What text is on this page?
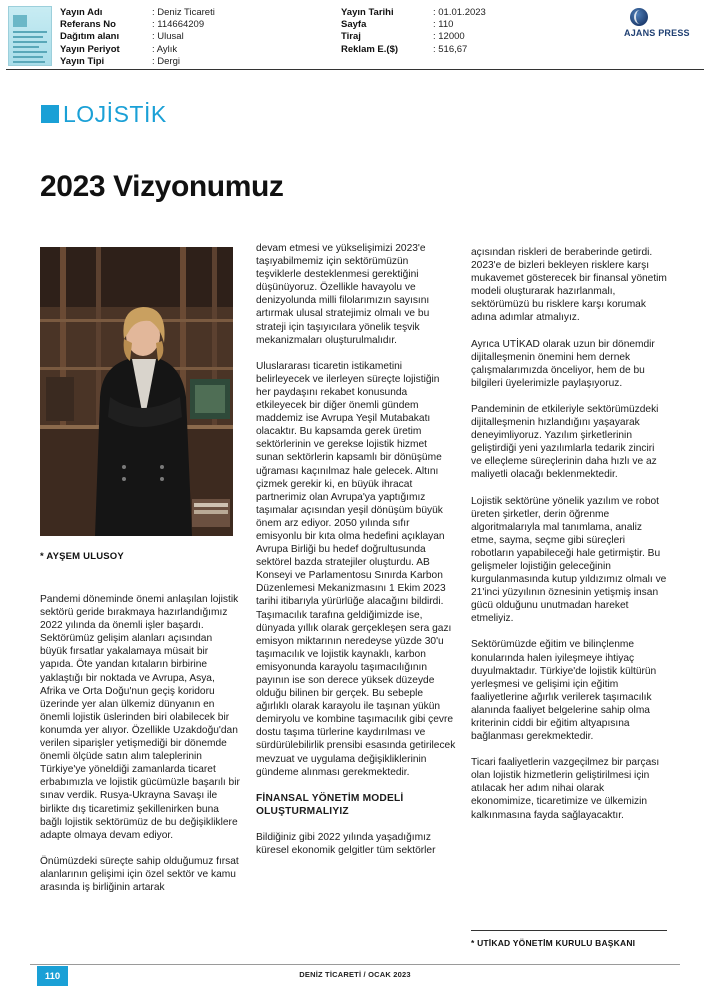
Yayın Adı	: Deniz Ticareti
Referans No	: 114664209
Dağıtım alanı	: Ulusal
Yayın Periyot	: Aylık
Yayın Tipi	: Dergi
Yayın Tarihi	: 01.01.2023
Sayfa	: 110
Tiraj	: 12000
Reklam E.($)	: 516,67
AJANS PRESS
LOJİSTİK
2023 Vizyonumuz
* AYŞEM ULUSOY

Pandemi döneminde önemi anlaşılan lojistik sektörü geride bırakmaya hazırlandığımız 2022 yılında da önemli işler başardı. Sektörümüz gelişim alanları açısından büyük fırsatlar yakalamaya müsait bir yapıda. Öte yandan kıtaların birbirine yaklaştığı bir noktada ve Avrupa, Asya, Afrika ve Orta Doğu'nun geçiş koridoru üzerinde yer alan ülkemiz dünyanın en önemli lojistik üslerinden biri olabilecek bir konumda yer alıyor. Özellikle Uzakdoğu'dan verilen siparişler yetişmediği bir dönemde önemli ölçüde satın alım taleplerinin Türkiye'ye yöneldiği zamanlarda ticaret erbabımızla ve lojistik gücümüzle başarılı bir sınav verdik. Rusya-Ukrayna Savaşı ile birlikte dış ticaretimiz şekillenirken buna bağlı lojistik sektörümüz de bu değişikliklere adapte olmaya devam ediyor.

Önümüzdeki süreçte sahip olduğumuz fırsat alanlarının gelişimi için özel sektör ve kamu arasında iş birliğinin artarak

devam etmesi ve yükselişimizi 2023'e taşıyabilmemiz için sektörümüzün teşviklerle desteklenmesi gerektiğini düşünüyoruz. Özellikle havayolu ve denizyolunda milli filolarımızın sayısını artırmak ulusal stratejimiz olmalı ve bu strateji için taşıyıcılara yönelik teşvik mekanizmaları oluşturulmalıdır.

Uluslararası ticaretin istikametini belirleyecek ve ilerleyen süreçte lojistiğin her paydaşını rekabet konusunda etkileyecek bir diğer önemli gündem maddemiz ise Avrupa Yeşil Mutabakatı olacaktır. Bu kapsamda gerek üretim sektörlerinin ve gerekse lojistik hizmet sunan sektörlerin kapsamlı bir dönüşüme uğraması kaçınılmaz hale gelecek. Altını çizmek gerekir ki, en büyük ihracat partnerimiz olan Avrupa'ya yaptığımız taşımalar açısından yeşil dönüşüm büyük önem arz ediyor. 2050 yılında sıfır emisyonlu bir kıta olma hedefini açıklayan Avrupa Birliği bu hedef doğrultusunda sektörel bazda stratejiler oluşturdu. AB Konseyi ve Parlamentosu Sınırda Karbon Düzenlemesi Mekanizmasını 1 Ekim 2023 tarihi itibarıyla yürürlüğe alacağını bildirdi. Taşımacılık tarafına geldiğimizde ise, dünyada yıllık olarak gerçekleşen sera gazı emisyon miktarının neredeyse yüzde 30'u taşımacılık ve lojistik kaynaklı, karbon emisyonunda karayolu taşımacılığının payının ise son derece yüksek düzeyde olduğu bilinen bir gerçek. Bu sebeple ağırlıklı olarak karayolu ile taşınan yükün demiryolu ve kombine taşımacılık gibi çevre dostu taşıma türlerine kaydırılması ve sürdürülebilirlik prensibi esasında getirilecek mevzuat ve uygulama değişikliklerinin gündeme alınması gerekmektedir.

FİNANSAL YÖNETİM MODELİ OLUŞTURMALIYIZ

Bildiğiniz gibi 2022 yılında yaşadığımız küresel ekonomik gelgitler tüm sektörler

açısından riskleri de beraberinde getirdi. 2023'e de bizleri bekleyen risklere karşı mukavemet gösterecek bir finansal yönetim modeli oluşturarak hazırlanmalı, sektörümüzü bu risklere karşı korumak adına adımlar atmalıyız.

Ayrıca UTİKAD olarak uzun bir dönemdir dijitalleşmenin önemini hem dernek çalışmalarımızda önceliyor, hem de bu bilgileri üyelerimizle paylaşıyoruz.

Pandeminin de etkileriyle sektörümüzdeki dijitalleşmenin hızlandığını yaşayarak deneyimliyoruz. Yazılım şirketlerinin geliştirdiği yeni yazılımlarla tedarik zinciri ve elleçleme süreçlerinin daha hızlı ve az maliyetli olacağı beklenmektedir.

Lojistik sektörüne yönelik yazılım ve robot üreten şirketler, derin öğrenme algoritmalarıyla mal tanımlama, analiz etme, sayma, seçme gibi süreçleri robotların yapabileceği hale getirmiştir. Bu gelişmeler lojistiğin geleceğinin kurgulanmasında kutup yıldızımız olmalı ve 21'inci yüzyılının öznesinin yetişmiş insan gücü olduğunu unutmadan hareket etmeliyiz.

Sektörümüzde eğitim ve bilinçlenme konularında halen iyileşmeye ihtiyaç duyulmaktadır. Türkiye'de lojistik kültürün yerleşmesi ve gelişimi için eğitim faaliyetlerine ağırlık verilerek taşımacılık alanında faaliyet belgelerine sahip olma kriterinin ciddi bir eğitim altyapısına bağlanması gerekmektedir.

Ticari faaliyetlerin vazgeçilmez bir parçası olan lojistik hizmetlerin geliştirilmesi için atılacak her adım nihai olarak ekonomimize, ticaretimize ve ülkemizin kalkınmasına fayda sağlayacaktır.

* UTİKAD YÖNETİM KURULU BAŞKANI
110	DENİZ TİCARETİ / OCAK 2023
